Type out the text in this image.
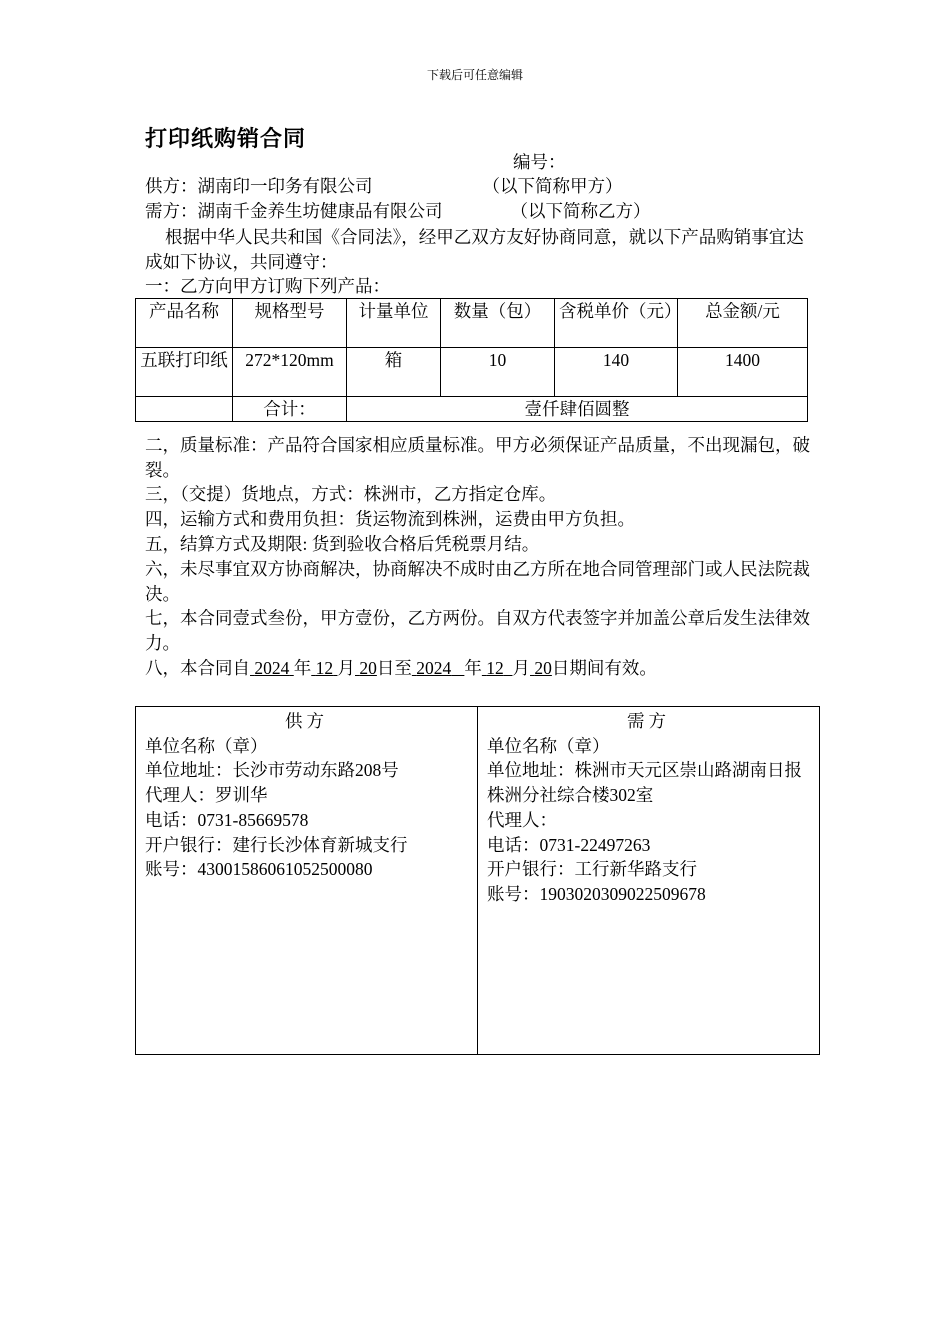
下载后可任意编辑
打印纸购销合同
编号：
供方：湖南印一印务有限公司	（以下简称甲方）
需方：湖南千金养生坊健康品有限公司	（以下简称乙方）
根据中华人民共和国《合同法》，经甲乙双方友好协商同意，就以下产品购销事宜达成如下协议，共同遵守：
一：乙方向甲方订购下列产品：
产品名称	规格型号	计量单位	数量（包）	含税单价（元）	总金额/元
五联打印纸	272*120mm	箱	10	140	1400
	合计：	壹仟肆佰圆整			
二，质量标准：产品符合国家相应质量标准。甲方必须保证产品质量，不出现漏包，破裂。
三，（交提）货地点，方式：株洲市，乙方指定仓库。
四，运输方式和费用负担：货运物流到株洲，运费由甲方负担。
五，结算方式及期限: 货到验收合格后凭税票月结。
六，未尽事宜双方协商解决，协商解决不成时由乙方所在地合同管理部门或人民法院裁决。
七，本合同壹式叁份，甲方壹份，乙方两份。自双方代表签字并加盖公章后发生法律效力。
八，本合同自 2024 年 12 月 20日至 2024 年 12 月 20日期间有效。
供方
单位名称（章）
单位地址：长沙市劳动东路208号
代理人：罗训华
电话：0731-85669578
开户银行：建行长沙体育新城支行
账号：43001586061052500080

需方
单位名称（章）
单位地址：株洲市天元区崇山路湖南日报株洲分社综合楼302室
代理人：
电话：0731-22497263
开户银行：工行新华路支行
账号：1903020309022509678
